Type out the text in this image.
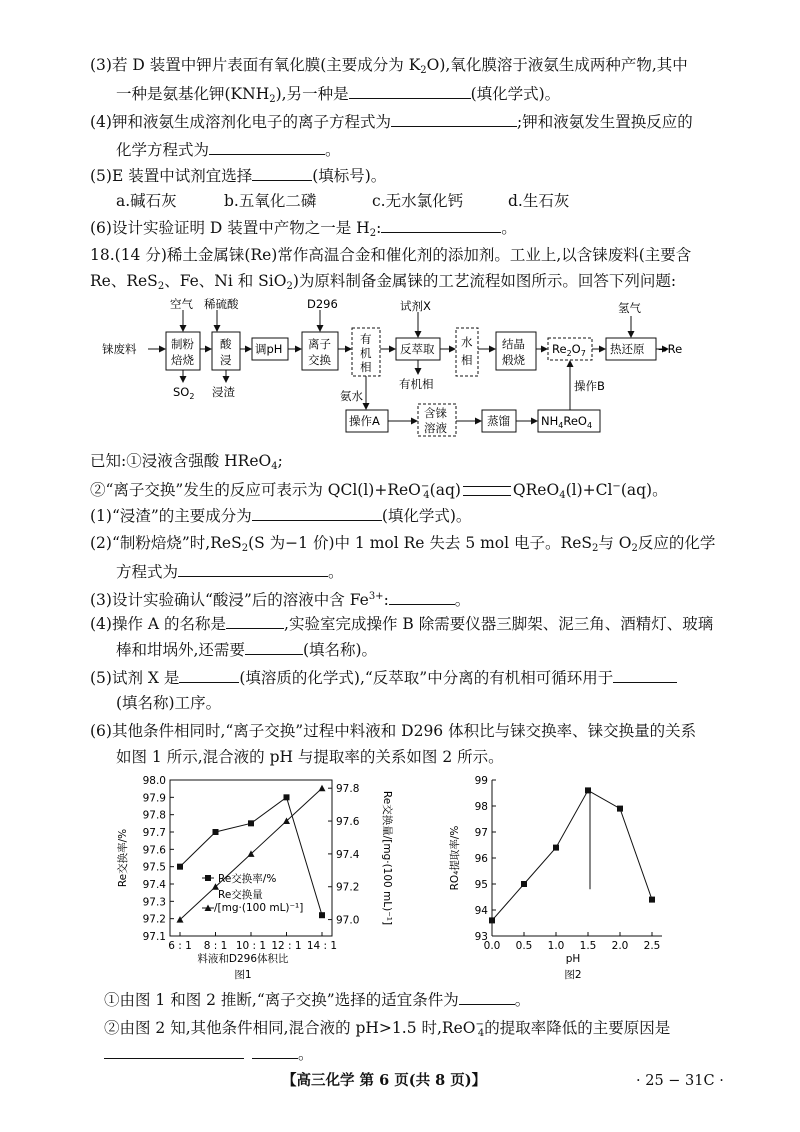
(3)若 D 装置中钾片表面有氧化膜(主要成分为 $K_2O$),氧化膜溶于液氨生成两种产物,其中
一种是氨基化钾$(KNH_2)$,另一种是	(填化学式)。
(4)钾和液氨生成溶剂化电子的离子方程式为	;钾和液氨发生置换反应的
化学方程式为	。
(5)E 装置中试剂宜选择	(填标号)。
a.碱石灰	b.五氧化二磷	c.无水氯化钙	d.生石灰
(6)设计实验证明 D 装置中产物之一是 $H_2$:	。
18.(14 分)稀土金属铼(Re)常作高温合金和催化剂的添加剂。工业上,以含铼废料(主要含
Re、ReS$_2$、Fe、Ni 和 SiO$_2$)为原料制备金属铼的工艺流程如图所示。回答下列问题:
铼废料
空气 稀硫酸	D296	试剂X	氢气
制粉
焙烧
酸
浸
调pH 离子
交换
有
机
相
反萃取 水
相
结晶
煅烧
$Re_2O_7$ 热还原 →Re
$SO_2$ 浸渣
有机相
氨水
操作A
含铼
溶液	蒸馏	$NH_4ReO_4$
操作B
已知:①浸液含强酸 HReO$_4$;
②“离子交换”发生的反应可表示为 QCl(l)+ReO−$_4$(aq)	QReO$_4$(l)+Cl−(aq)。
(1)“浸渣”的主要成分为	(填化学式)。
(2)“制粉焙烧”时,ReS$_2$(S 为−1 价)中 1 mol Re 失去 5 mol 电子。ReS$_2$与 $O_2$反应的化学
方程式为	。
(3)设计实验确认“酸浸”后的溶液中含 $Fe^{3+}$:	。
(4)操作 A 的名称是	,实验室完成操作 B 除需要仪器三脚架、泥三角、酒精灯、玻璃
棒和坩埚外,还需要	(填名称)。
(5)试剂 X 是	(填溶质的化学式),“反萃取”中分离的有机相可循环用于
(填名称)工序。
(6)其他条件相同时,“离子交换”过程中料液和 D296 体积比与铼交换率、铼交换量的关系
如图 1 所示,混合液的 pH 与提取率的关系如图 2 所示。
97.1
97.2
97.3
97.4
97.5
97.6
97.7
97.8
97.9
98.0
97.0
97.2
97.4
97.6
97.8
6 : 1 8 : 1 10 : 1 12 : 1 14 : 1
Re交换率/%
Re交换量
/[mg·(100 mL)⁻¹]
Re交换率/%	Re交换量/[mg·(100 mL)⁻¹]
料液和D296体积比
图1
93
94
95
96
97
98
99
0.0 0.5 1.0 1.5 2.0 2.5
RO₄提取率/%
pH
图2
①由图 1 和图 2 推断,“离子交换”选择的适宜条件为	。
②由图 2 知,其他条件相同,混合液的 pH>1.5 时,ReO−$_4$的提取率降低的主要原因是
。
【高三化学 第 6 页(共 8 页)】	· 25 − 31C ·
